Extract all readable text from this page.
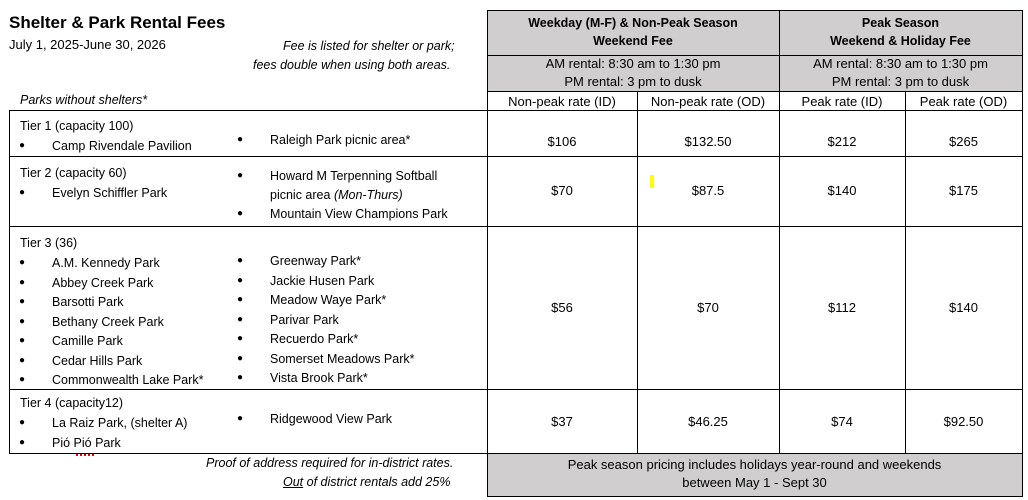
Shelter & Park Rental Fees
July 1, 2025-June 30, 2026	Fee is listed for shelter or park;
fees double when using both areas.
Parks without shelters*
Weekday (M-F) & Non-Peak Season
Weekend Fee
Peak Season
Weekend & Holiday Fee
AM rental: 8:30 am to 1:30 pm
PM rental: 3 pm to dusk
AM rental: 8:30 am to 1:30 pm
PM rental: 3 pm to dusk
Non-peak rate (ID)	Non-peak rate (OD)	Peak rate (ID)	Peak rate (OD)
Tier 1 (capacity 100)
● Camp Rivendale Pavilion	● Raleigh Park picnic area*	$106	$132.50	$212	$265
Tier 2 (capacity 60)
● Evelyn Schiffler Park
● Howard M Terpenning Softball
picnic area (Mon-Thurs)
● Mountain View Champions Park
$70	$87.5	$140	$175
Tier 3 (36)
● A.M. Kennedy Park
● Abbey Creek Park
● Barsotti Park
● Bethany Creek Park
● Camille Park
● Cedar Hills Park
● Commonwealth Lake Park*
● Greenway Park*
● Jackie Husen Park
● Meadow Waye Park*
● Parivar Park
● Recuerdo Park*
● Somerset Meadows Park*
● Vista Brook Park*
$56	$70	$112	$140
Tier 4 (capacity12)
● La Raiz Park, (shelter A)
● Pió Pió Park
● Ridgewood View Park	$37	$46.25	$74	$92.50
Proof of address required for in-district rates.
Out of district rentals add 25%
Peak season pricing includes holidays year-round and weekends
between May 1 - Sept 30
